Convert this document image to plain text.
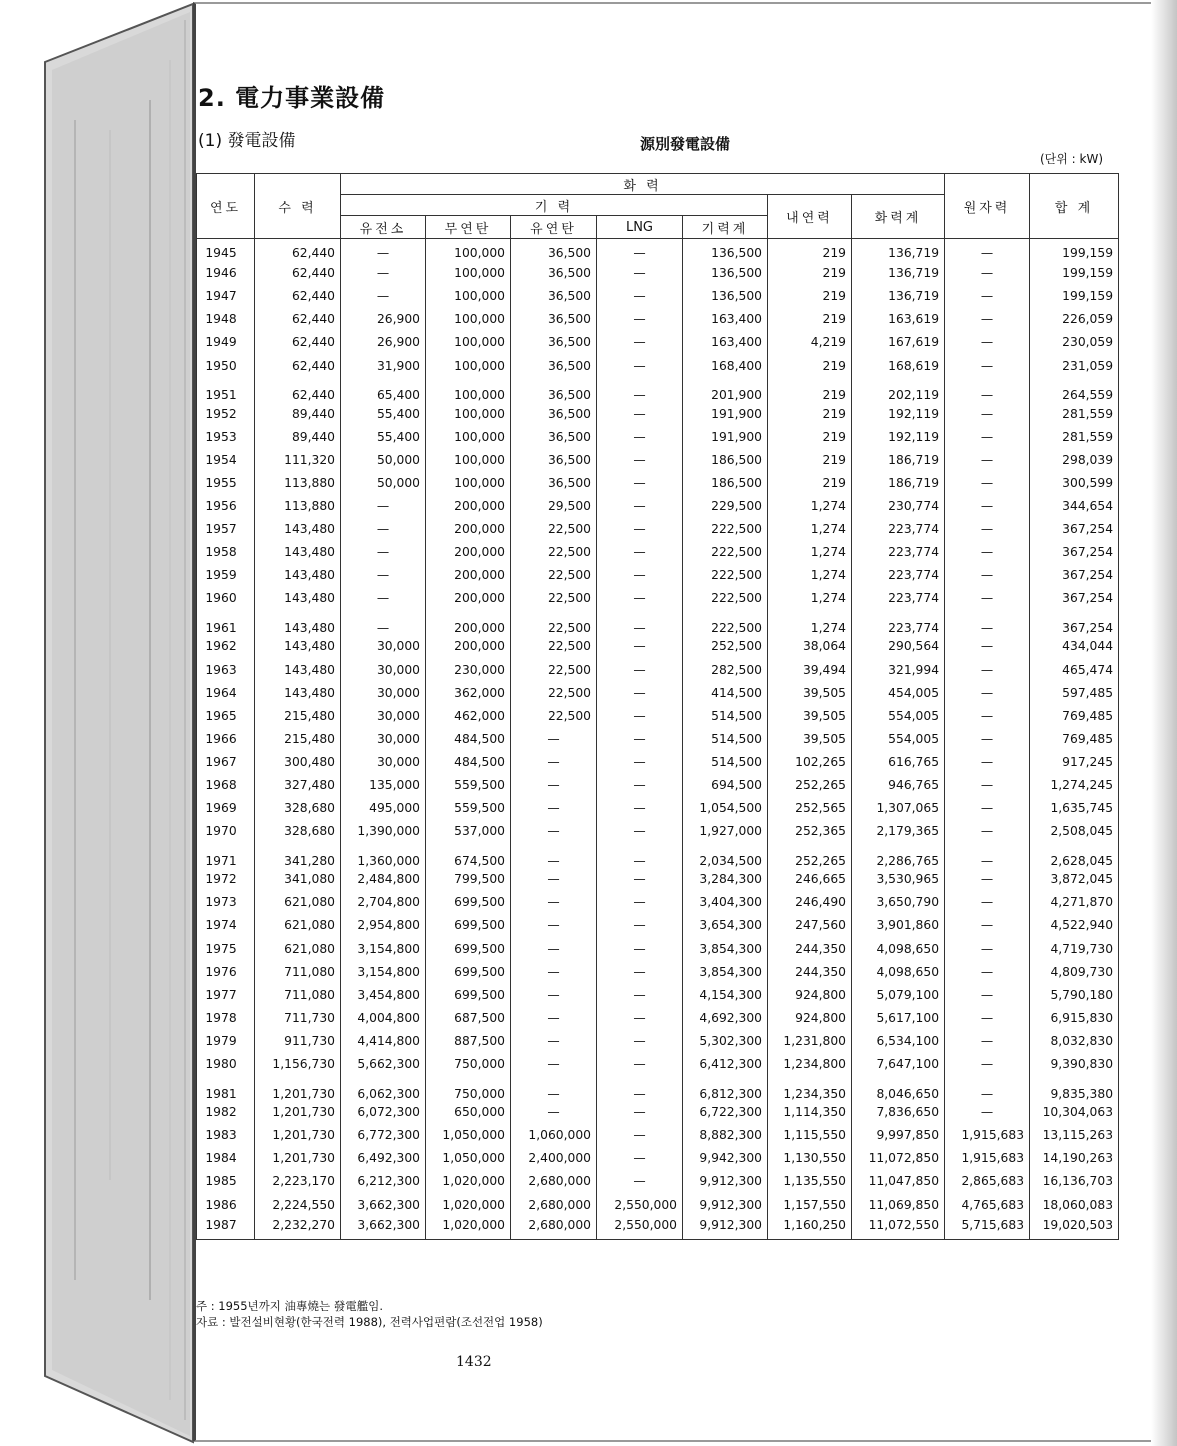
2. 電力事業設備
(1) 發電設備	源別發電設備

(단위 : kW)

연도	수 력	화 력							원자력	합 계
		기 력					내연력	화력계		
		유전소	무연탄	유연탄	LNG	기력계				
1945	62,440	—	100,000	36,500	—	136,500	219	136,719	—	199,159
1946	62,440	—	100,000	36,500	—	136,500	219	136,719	—	199,159
1947	62,440	—	100,000	36,500	—	136,500	219	136,719	—	199,159
1948	62,440	26,900	100,000	36,500	—	163,400	219	163,619	—	226,059
1949	62,440	26,900	100,000	36,500	—	163,400	4,219	167,619	—	230,059
1950	62,440	31,900	100,000	36,500	—	168,400	219	168,619	—	231,059
1951	62,440	65,400	100,000	36,500	—	201,900	219	202,119	—	264,559
1952	89,440	55,400	100,000	36,500	—	191,900	219	192,119	—	281,559
1953	89,440	55,400	100,000	36,500	—	191,900	219	192,119	—	281,559
1954	111,320	50,000	100,000	36,500	—	186,500	219	186,719	—	298,039
1955	113,880	50,000	100,000	36,500	—	186,500	219	186,719	—	300,599
1956	113,880	—	200,000	29,500	—	229,500	1,274	230,774	—	344,654
1957	143,480	—	200,000	22,500	—	222,500	1,274	223,774	—	367,254
1958	143,480	—	200,000	22,500	—	222,500	1,274	223,774	—	367,254
1959	143,480	—	200,000	22,500	—	222,500	1,274	223,774	—	367,254
1960	143,480	—	200,000	22,500	—	222,500	1,274	223,774	—	367,254
1961	143,480	—	200,000	22,500	—	222,500	1,274	223,774	—	367,254
1962	143,480	30,000	200,000	22,500	—	252,500	38,064	290,564	—	434,044
1963	143,480	30,000	230,000	22,500	—	282,500	39,494	321,994	—	465,474
1964	143,480	30,000	362,000	22,500	—	414,500	39,505	454,005	—	597,485
1965	215,480	30,000	462,000	22,500	—	514,500	39,505	554,005	—	769,485
1966	215,480	30,000	484,500	—	—	514,500	39,505	554,005	—	769,485
1967	300,480	30,000	484,500	—	—	514,500	102,265	616,765	—	917,245
1968	327,480	135,000	559,500	—	—	694,500	252,265	946,765	—	1,274,245
1969	328,680	495,000	559,500	—	—	1,054,500	252,565	1,307,065	—	1,635,745
1970	328,680	1,390,000	537,000	—	—	1,927,000	252,365	2,179,365	—	2,508,045
1971	341,280	1,360,000	674,500	—	—	2,034,500	252,265	2,286,765	—	2,628,045
1972	341,080	2,484,800	799,500	—	—	3,284,300	246,665	3,530,965	—	3,872,045
1973	621,080	2,704,800	699,500	—	—	3,404,300	246,490	3,650,790	—	4,271,870
1974	621,080	2,954,800	699,500	—	—	3,654,300	247,560	3,901,860	—	4,522,940
1975	621,080	3,154,800	699,500	—	—	3,854,300	244,350	4,098,650	—	4,719,730
1976	711,080	3,154,800	699,500	—	—	3,854,300	244,350	4,098,650	—	4,809,730
1977	711,080	3,454,800	699,500	—	—	4,154,300	924,800	5,079,100	—	5,790,180
1978	711,730	4,004,800	687,500	—	—	4,692,300	924,800	5,617,100	—	6,915,830
1979	911,730	4,414,800	887,500	—	—	5,302,300	1,231,800	6,534,100	—	8,032,830
1980	1,156,730	5,662,300	750,000	—	—	6,412,300	1,234,800	7,647,100	—	9,390,830
1981	1,201,730	6,062,300	750,000	—	—	6,812,300	1,234,350	8,046,650	—	9,835,380
1982	1,201,730	6,072,300	650,000	—	—	6,722,300	1,114,350	7,836,650	—	10,304,063
1983	1,201,730	6,772,300	1,050,000	1,060,000	—	8,882,300	1,115,550	9,997,850	1,915,683	13,115,263
1984	1,201,730	6,492,300	1,050,000	2,400,000	—	9,942,300	1,130,550	11,072,850	1,915,683	14,190,263
1985	2,223,170	6,212,300	1,020,000	2,680,000	—	9,912,300	1,135,550	11,047,850	2,865,683	16,136,703
1986	2,224,550	3,662,300	1,020,000	2,680,000	2,550,000	9,912,300	1,157,550	11,069,850	4,765,683	18,060,083
1987	2,232,270	3,662,300	1,020,000	2,680,000	2,550,000	9,912,300	1,160,250	11,072,550	5,715,683	19,020,503

주 : 1955년까지 油專燒는 發電艦임.

자료 : 발전설비현황(한국전력 1988), 전력사업편람(조선전업 1958)

1432
